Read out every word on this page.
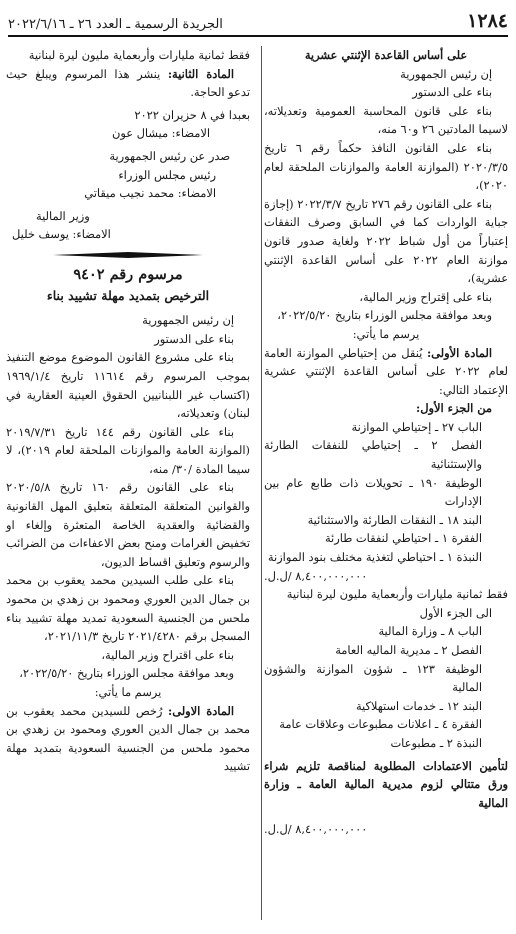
١٢٨٤
الجريدة الرسمية ـ العدد ٢٦ ـ ٢٠٢٢/٦/١٦

على أساس القاعدة الإثنتي عشرية

إن رئيس الجمهورية

بناء على الدستور

بناء على قانون المحاسبة العمومية وتعديلاته، لاسيما المادتين ٢٦ و٦٠ منه،

بناء على القانون النافذ حكماً رقم ٦ تاريخ ٢٠٢٠/٣/٥ (الموازنة العامة والموازنات الملحقة لعام ٢٠٢٠)،

بناء على القانون رقم ٢٧٦ تاريخ ٢٠٢٢/٣/٧ (إجازة جباية الواردات كما في السابق وصرف النفقات إعتباراً من أول شباط ٢٠٢٢ ولغاية صدور قانون موازنة العام ٢٠٢٢ على أساس القاعدة الإثنتي عشرية)،

بناء على إقتراح وزير المالية،

وبعد موافقة مجلس الوزراء بتاريخ ٢٠٢٢/٥/٢٠،

يرسم ما يأتي:

المادة الأولى: يُنقل من إحتياطي الموازنة العامة لعام ٢٠٢٢ على أساس القاعدة الإثنتي عشرية الإعتماد التالي:

من الجزء الأول:

الباب ٢٧ ـ إحتياطي الموازنة

الفصل ٢ ـ إحتياطي للنفقات الطارئة والإستثنائية

الوظيفة ١٩٠ ـ تحويلات ذات طابع عام بين الإدارات

البند ١٨ ـ النفقات الطارئة والاستثنائية

الفقرة ١ ـ احتياطي لنفقات طارئة

النبذة ١ ـ احتياطي لتغذية مختلف بنود الموازنة

٨,٤٠٠,٠٠٠,٠٠٠ /ل.ل.

فقط ثمانية مليارات وأربعماية مليون ليرة لبنانية

الى الجزء الأول

الباب ٨ ـ وزارة المالية

الفصل ٢ ـ مديرية الماليه العامة

الوظيفة ١٢٣ ـ شؤون الموازنة والشؤون المالية

البند ١٢ ـ خدمات استهلاكية

الفقرة ٤ ـ اعلانات مطبوعات وعلاقات عامة

النبذة ٢ ـ مطبوعات

لتأمين الاعتمادات المطلوبة لمناقصة تلزيم شراء ورق متتالي لزوم مديرية المالية العامة ـ وزارة المالية

٨,٤٠٠,٠٠٠,٠٠٠ /ل.ل.

فقط ثمانية مليارات وأربعماية مليون ليرة لبنانية

المادة الثانية: ينشر هذا المرسوم ويبلغ حيث تدعو الحاجة.

بعبدا في ٨ حزيران ٢٠٢٢

الامضاء: ميشال عون

صدر عن رئيس الجمهورية

رئيس مجلس الوزراء

الامضاء: محمد نجيب ميقاتي

وزير المالية

الامضاء: يوسف خليل

مرسوم رقم ٩٤٠٢

الترخيص بتمديد مهلة تشييد بناء

إن رئيس الجمهورية

بناء على الدستور

بناء على مشروع القانون الموضوع موضع التنفيذ بموجب المرسوم رقم ١١٦١٤ تاريخ ١٩٦٩/١/٤ (اكتساب غير اللبنانيين الحقوق العينية العقارية في لبنان) وتعديلاته،

بناء على القانون رقم ١٤٤ تاريخ ٢٠١٩/٧/٣١ (الموازنة العامة والموازنات الملحقة لعام ٢٠١٩)، لا سيما المادة /٣٠/ منه،

بناء على القانون رقم ١٦٠ تاريخ ٢٠٢٠/٥/٨ والقوانين المتعلقة المتعلقة بتعليق المهل القانونية والقضائية والعقدية الخاصة المتعثرة وإلغاء او تخفيض الغرامات ومنح بعض الاعفاءات من الضرائب والرسوم وتعليق اقساط الديون،

بناء على طلب السيدين محمد يعقوب بن محمد بن جمال الدين العوري ومحمود بن زهدي بن محمود ملحس من الجنسية السعودية تمديد مهلة تشييد بناء المسجل برقم ٢٠٢١/٤٢٨٠ تاريخ ٢٠٢١/١١/٣،

بناء على اقتراح وزير المالية،

وبعد موافقة مجلس الوزراء بتاريخ ٢٠٢٢/٥/٢٠،

يرسم ما يأتي:

المادة الاولى: رُخص للسيدين محمد يعقوب بن محمد بن جمال الدين العوري ومحمود بن زهدي بن محمود ملحس من الجنسية السعودية بتمديد مهلة تشييد
